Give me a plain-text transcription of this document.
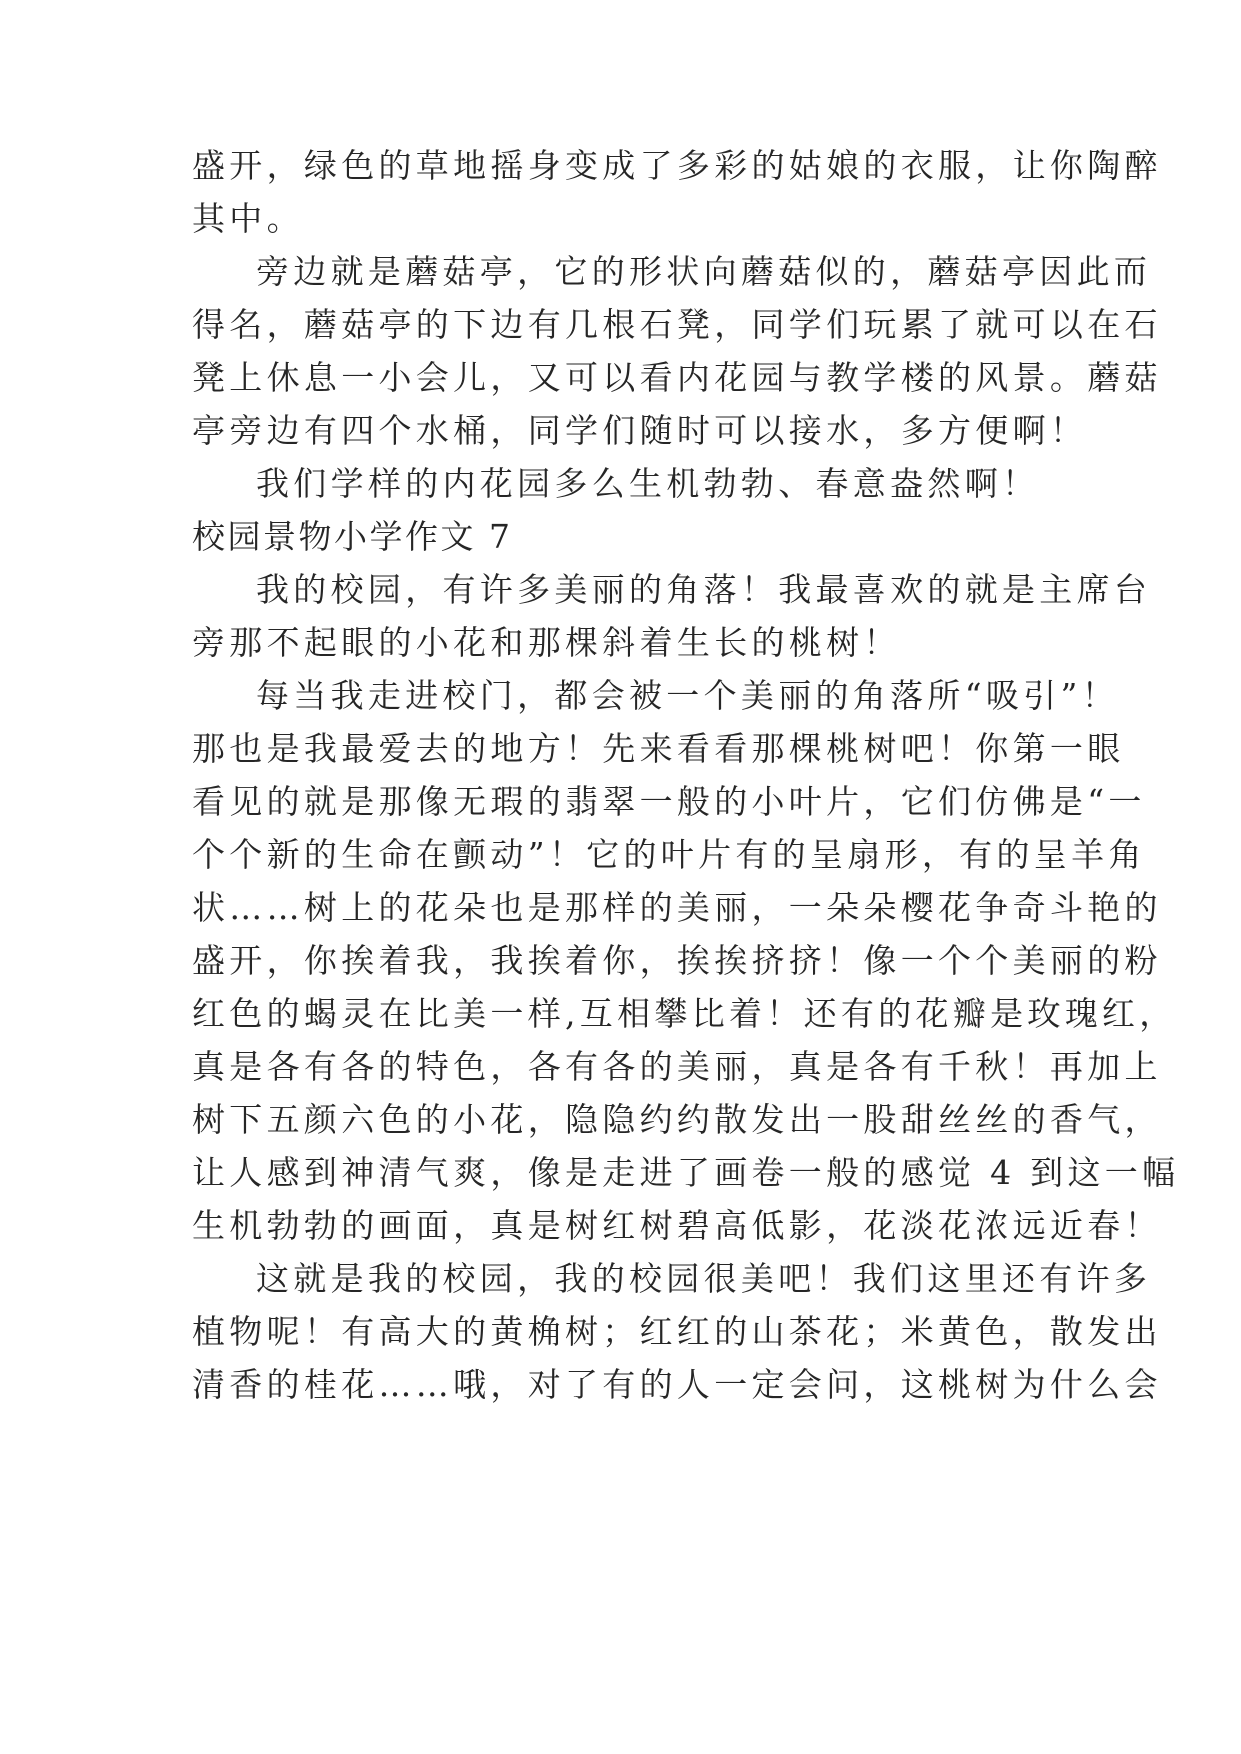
盛开，绿色的草地摇身变成了多彩的姑娘的衣服，让你陶醉
其中。
旁边就是蘑菇亭，它的形状向蘑菇似的，蘑菇亭因此而
得名，蘑菇亭的下边有几根石凳，同学们玩累了就可以在石
凳上休息一小会儿，又可以看内花园与教学楼的风景。蘑菇
亭旁边有四个水桶，同学们随时可以接水，多方便啊！
我们学样的内花园多么生机勃勃、春意盎然啊！
校园景物小学作文 7
我的校园，有许多美丽的角落！我最喜欢的就是主席台
旁那不起眼的小花和那棵斜着生长的桃树！
每当我走进校门，都会被一个美丽的角落所“吸引”！
那也是我最爱去的地方！先来看看那棵桃树吧！你第一眼
看见的就是那像无瑕的翡翠一般的小叶片，它们仿佛是“一
个个新的生命在颤动”！它的叶片有的呈扇形，有的呈羊角
状……树上的花朵也是那样的美丽，一朵朵樱花争奇斗艳的
盛开，你挨着我，我挨着你，挨挨挤挤！像一个个美丽的粉
红色的蝎灵在比美一样,互相攀比着！还有的花瓣是玫瑰红，
真是各有各的特色，各有各的美丽，真是各有千秋！再加上
树下五颜六色的小花，隐隐约约散发出一股甜丝丝的香气，
让人感到神清气爽，像是走进了画卷一般的感觉 4 到这一幅
生机勃勃的画面，真是树红树碧高低影，花淡花浓远近春！
这就是我的校园，我的校园很美吧！我们这里还有许多
植物呢！有高大的黄桷树；红红的山茶花；米黄色，散发出
清香的桂花……哦，对了有的人一定会问，这桃树为什么会
